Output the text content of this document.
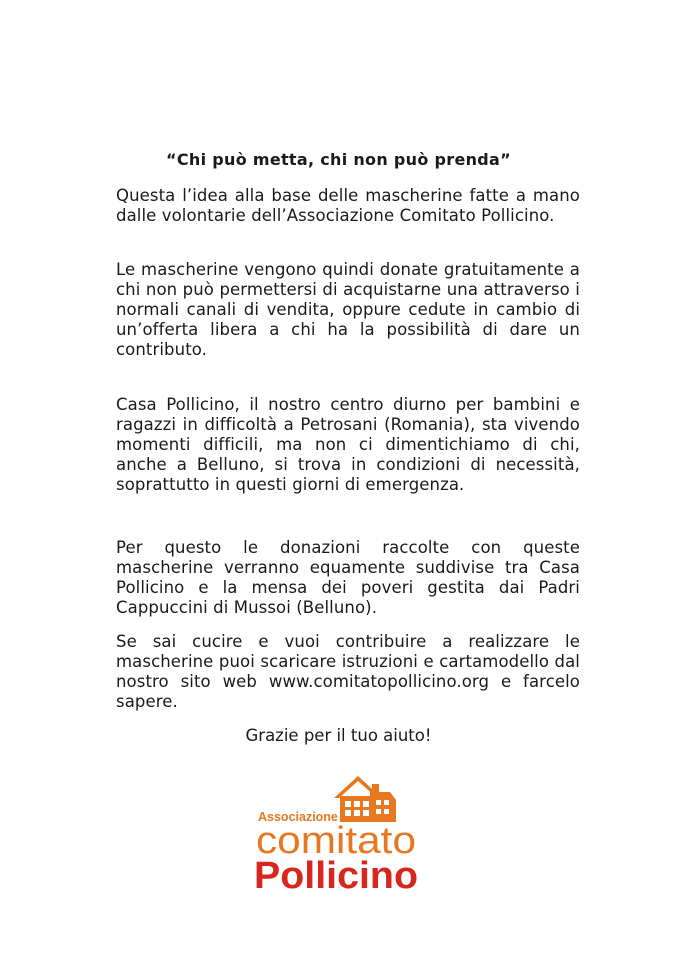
“Chi può metta, chi non può prenda”

Questa l’idea alla base delle mascherine fatte a mano dalle volontarie dell’Associazione Comitato Pollicino.

Le mascherine vengono quindi donate gratuitamente a chi non può permettersi di acquistarne una attraverso i normali canali di vendita, oppure cedute in cambio di un’offerta libera a chi ha la possibilità di dare un contributo.

Casa Pollicino, il nostro centro diurno per bambini e ragazzi in difficoltà a Petrosani (Romania), sta vivendo momenti difficili, ma non ci dimentichiamo di chi, anche a Belluno, si trova in condizioni di necessità, soprattutto in questi giorni di emergenza.

Per questo le donazioni raccolte con queste mascherine verranno equamente suddivise tra Casa Pollicino e la mensa dei poveri gestita dai Padri Cappuccini di Mussoi (Belluno).

Se sai cucire e vuoi contribuire a realizzare le mascherine puoi scaricare istruzioni e cartamodello dal nostro sito web www.comitatopollicino.org e farcelo sapere.

Grazie per il tuo aiuto!
Associazione
comitato
Pollicino
